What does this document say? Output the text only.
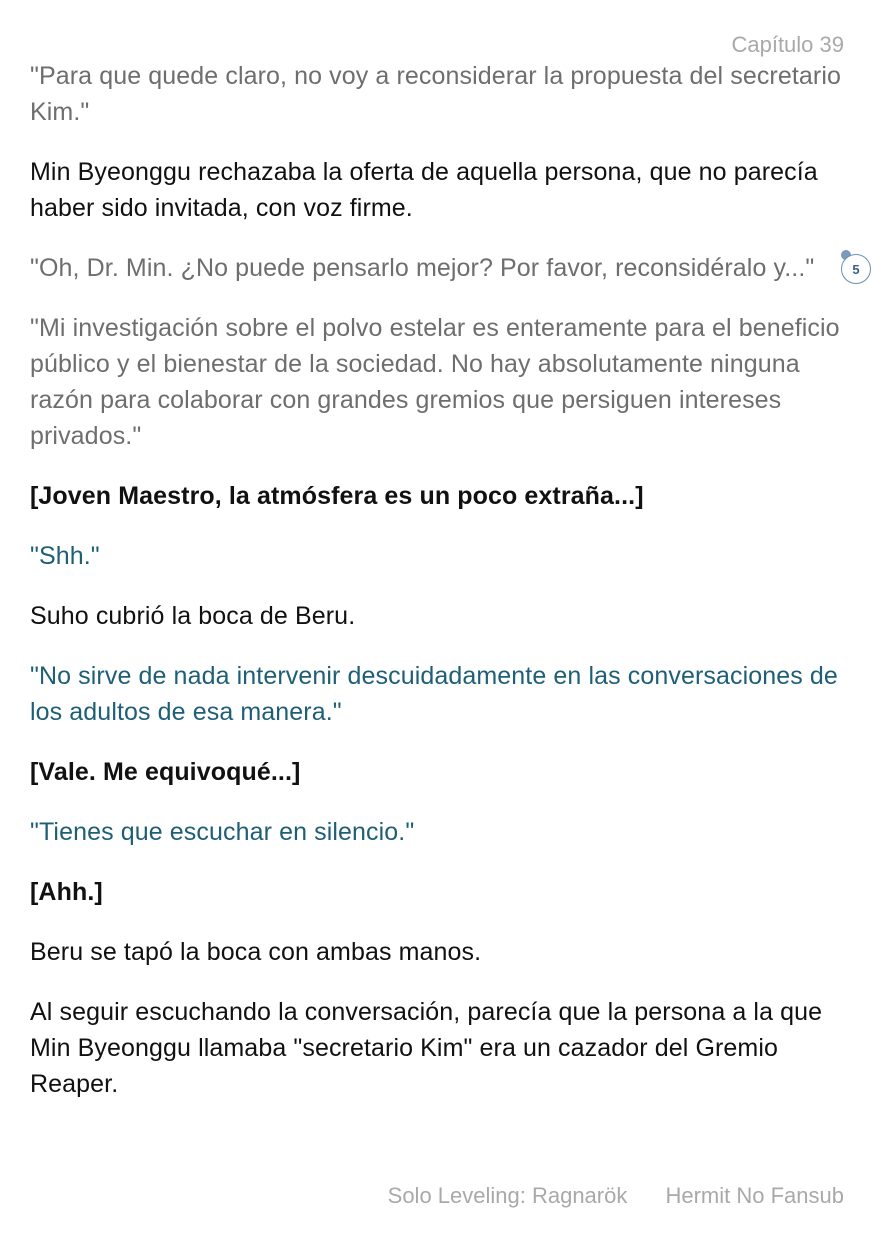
Capítulo 39

"Para que quede claro, no voy a reconsiderar la propuesta del secretario Kim."

Min Byeonggu rechazaba la oferta de aquella persona, que no parecía haber sido invitada, con voz firme.

"Oh, Dr. Min. ¿No puede pensarlo mejor? Por favor, reconsidéralo y..."

"Mi investigación sobre el polvo estelar es enteramente para el beneficio público y el bienestar de la sociedad. No hay absolutamente ninguna razón para colaborar con grandes gremios que persiguen intereses privados."

[Joven Maestro, la atmósfera es un poco extraña...]

"Shh."

Suho cubrió la boca de Beru.

"No sirve de nada intervenir descuidadamente en las conversaciones de los adultos de esa manera."

[Vale. Me equivoqué...]

"Tienes que escuchar en silencio."

[Ahh.]

Beru se tapó la boca con ambas manos.

Al seguir escuchando la conversación, parecía que la persona a la que Min Byeonggu llamaba "secretario Kim" era un cazador del Gremio Reaper.

5
Solo Leveling: Ragnarök Hermit No Fansub
